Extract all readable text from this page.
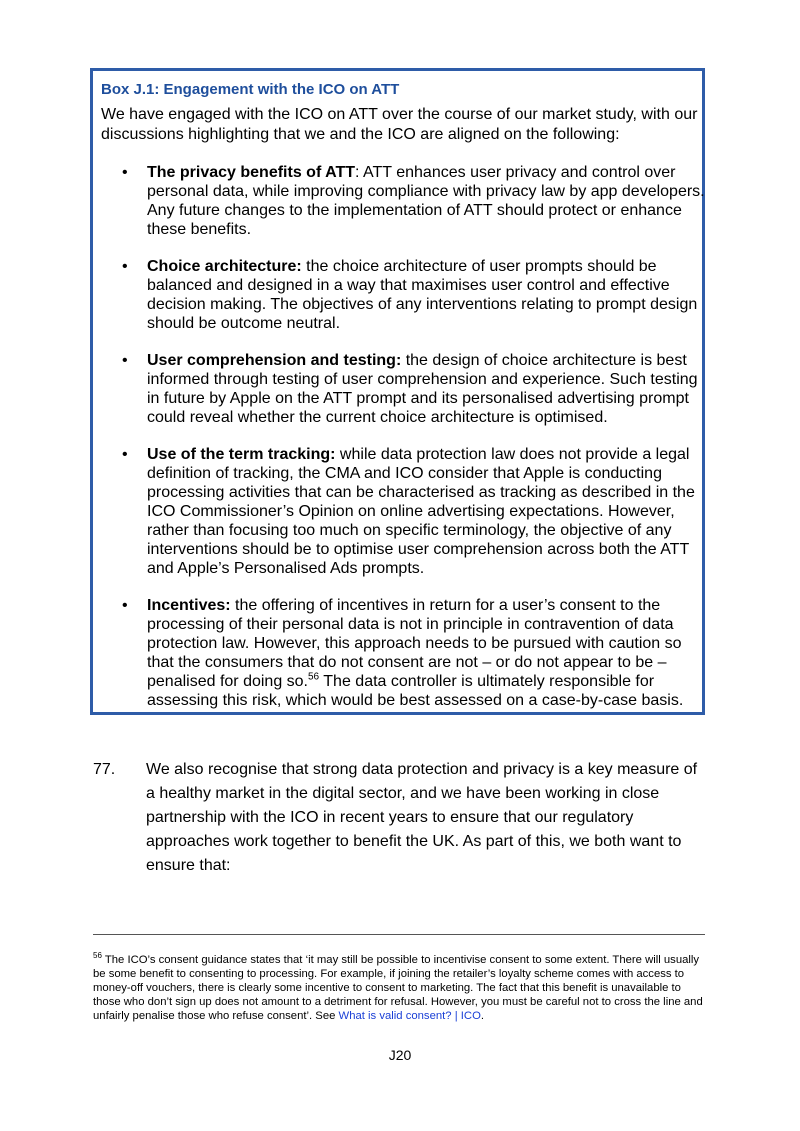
Box J.1: Engagement with the ICO on ATT

We have engaged with the ICO on ATT over the course of our market study, with our discussions highlighting that we and the ICO are aligned on the following:

• The privacy benefits of ATT: ATT enhances user privacy and control over personal data, while improving compliance with privacy law by app developers. Any future changes to the implementation of ATT should protect or enhance these benefits.
• Choice architecture: the choice architecture of user prompts should be balanced and designed in a way that maximises user control and effective decision making. The objectives of any interventions relating to prompt design should be outcome neutral.
• User comprehension and testing: the design of choice architecture is best informed through testing of user comprehension and experience. Such testing in future by Apple on the ATT prompt and its personalised advertising prompt could reveal whether the current choice architecture is optimised.
• Use of the term tracking: while data protection law does not provide a legal definition of tracking, the CMA and ICO consider that Apple is conducting processing activities that can be characterised as tracking as described in the ICO Commissioner’s Opinion on online advertising expectations. However, rather than focusing too much on specific terminology, the objective of any interventions should be to optimise user comprehension across both the ATT and Apple’s Personalised Ads prompts.
• Incentives: the offering of incentives in return for a user’s consent to the processing of their personal data is not in principle in contravention of data protection law. However, this approach needs to be pursued with caution so that the consumers that do not consent are not – or do not appear to be – penalised for doing so.$^{56}$ The data controller is ultimately responsible for assessing this risk, which would be best assessed on a case-by-case basis.
77. We also recognise that strong data protection and privacy is a key measure of a healthy market in the digital sector, and we have been working in close partnership with the ICO in recent years to ensure that our regulatory approaches work together to benefit the UK. As part of this, we both want to ensure that:
$^{56}$ The ICO’s consent guidance states that ‘it may still be possible to incentivise consent to some extent. There will usually be some benefit to consenting to processing. For example, if joining the retailer’s loyalty scheme comes with access to money-off vouchers, there is clearly some incentive to consent to marketing. The fact that this benefit is unavailable to those who don’t sign up does not amount to a detriment for refusal. However, you must be careful not to cross the line and unfairly penalise those who refuse consent’. See What is valid consent? | ICO.
J20
